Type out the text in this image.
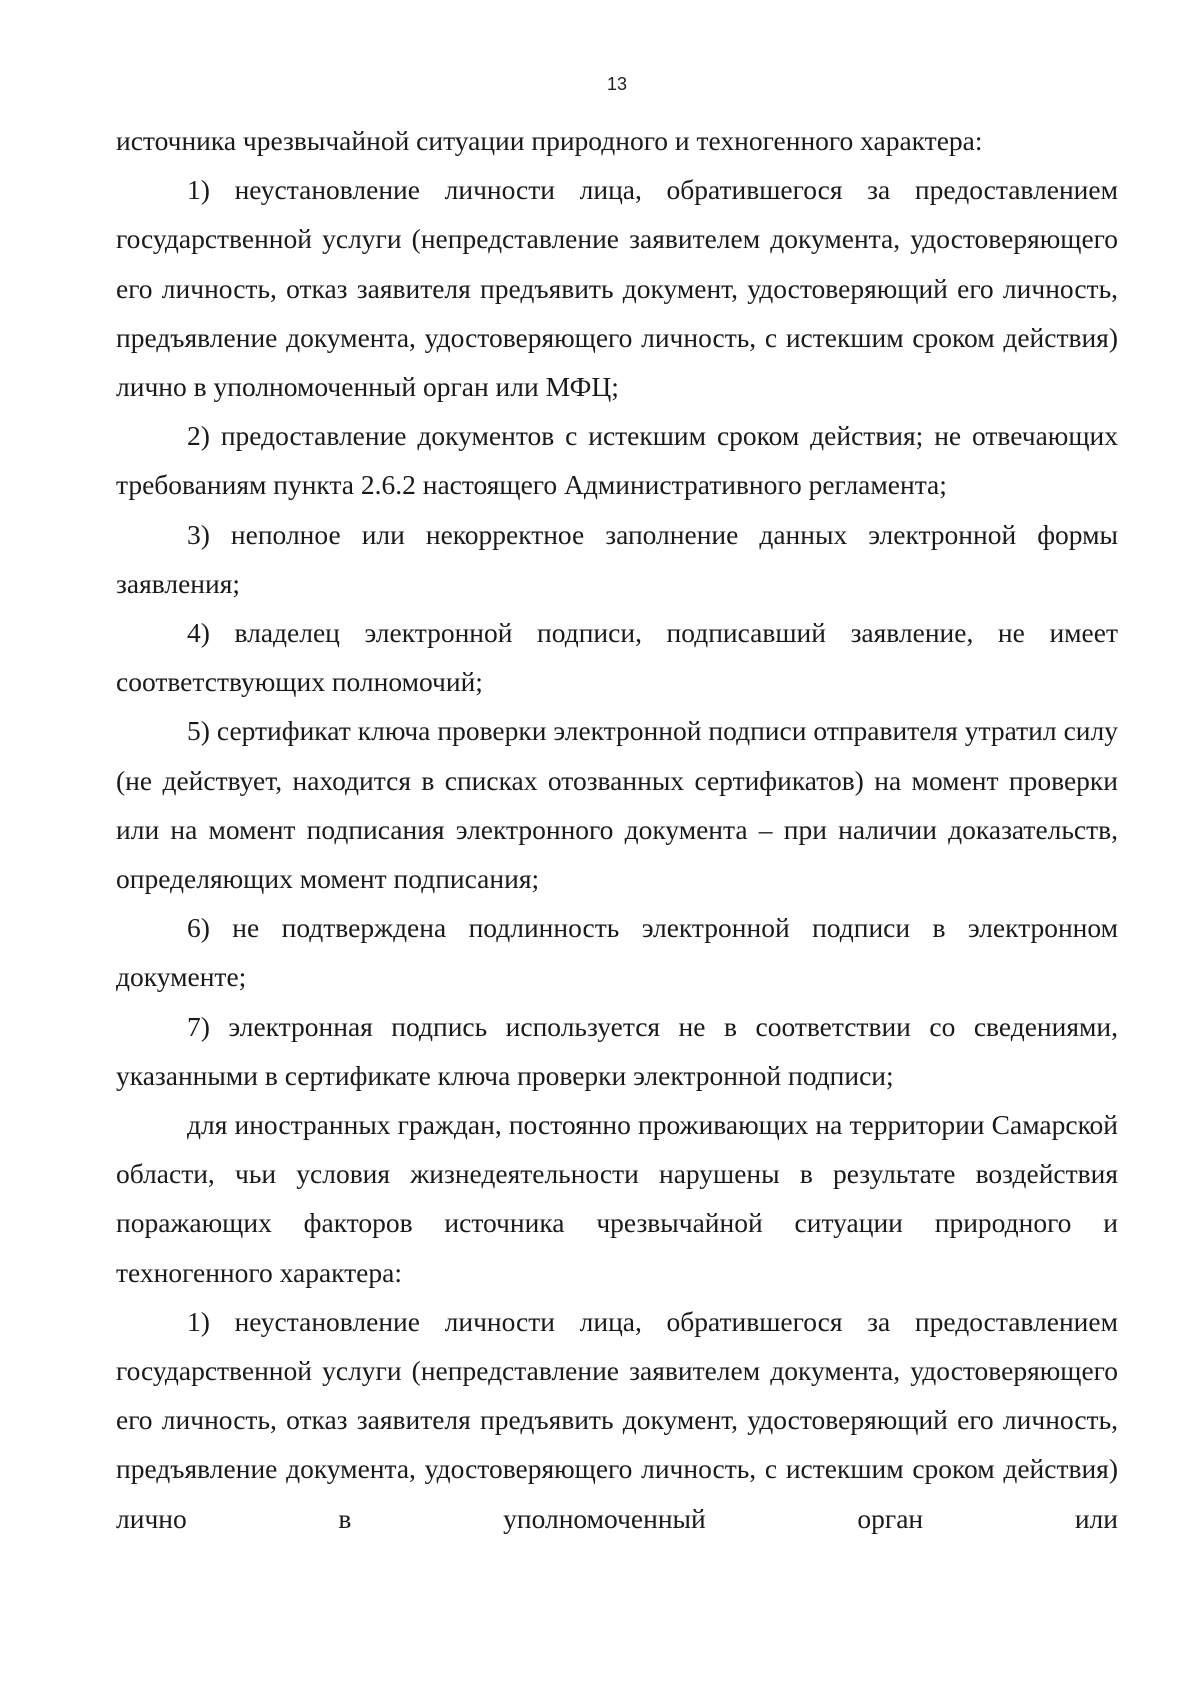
13

источника чрезвычайной ситуации природного и техногенного характера:

1) неустановление личности лица, обратившегося за предоставлением государственной услуги (непредставление заявителем документа, удостоверяющего его личность, отказ заявителя предъявить документ, удостоверяющий его личность, предъявление документа, удостоверяющего личность, с истекшим сроком действия) лично в уполномоченный орган или МФЦ;

2) предоставление документов с истекшим сроком действия; не отвечающих требованиям пункта 2.6.2 настоящего Административного регламента;

3) неполное или некорректное заполнение данных электронной формы заявления;

4) владелец электронной подписи, подписавший заявление, не имеет соответствующих полномочий;

5) сертификат ключа проверки электронной подписи отправителя утратил силу (не действует, находится в списках отозванных сертификатов) на момент проверки или на момент подписания электронного документа – при наличии доказательств, определяющих момент подписания;

6) не подтверждена подлинность электронной подписи в электронном документе;

7) электронная подпись используется не в соответствии со сведениями, указанными в сертификате ключа проверки электронной подписи;

для иностранных граждан, постоянно проживающих на территории Самарской области, чьи условия жизнедеятельности нарушены в результате воздействия поражающих факторов источника чрезвычайной ситуации природного и техногенного характера:

1) неустановление личности лица, обратившегося за предоставлением государственной услуги (непредставление заявителем документа, удостоверяющего его личность, отказ заявителя предъявить документ, удостоверяющий его личность, предъявление документа, удостоверяющего личность, с истекшим сроком действия) лично в уполномоченный орган или
